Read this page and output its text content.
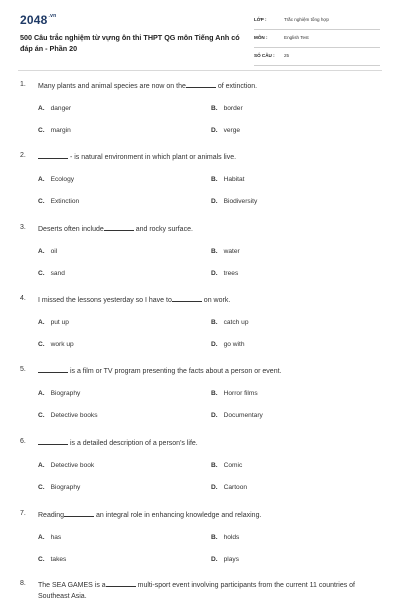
$2048^{.vn}$
500 Câu trắc nghiệm từ vựng ôn thi THPT QG môn Tiếng Anh có đáp án - Phần 20
LỚP :	Trắc nghiệm tổng hợp
MÔN :	English Test
SỐ CÂU : 25
1. Many plants and animal species are now on the	of extinction.
A. danger	B. border
C. margin	D. verge
2.	- is natural environment in which plant or animals live.
A. Ecology	B. Habitat
C. Extinction	D. Biodiversity
3. Deserts often include	and rocky surface.
A. oil	B. water
C. sand	D. trees
4. I missed the lessons yesterday so I have to	on work.
A. put up	B. catch up
C. work up	D. go with
5.	is a film or TV program presenting the facts about a person or event.
A. Biography	B. Horror films
C. Detective books	D. Documentary
6.	is a detailed description of a person's life.
A. Detective book	B. Comic
C. Biography	D. Cartoon
7. Reading	an integral role in enhancing knowledge and relaxing.
A. has	B. holds
C. takes	D. plays
8. The SEA GAMES is a	multi-sport event involving participants from the current 11 countries of Southeast Asia.
